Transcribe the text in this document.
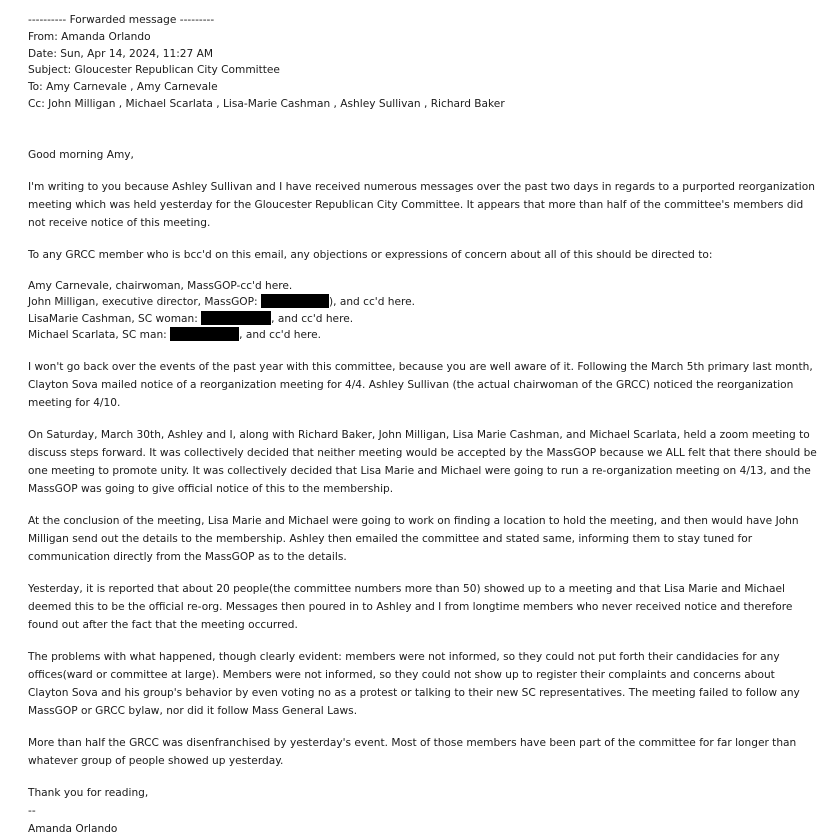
---------- Forwarded message ---------
From: Amanda Orlando
Date: Sun, Apr 14, 2024, 11:27 AM
Subject: Gloucester Republican City Committee
To: Amy Carnevale , Amy Carnevale
Cc: John Milligan , Michael Scarlata , Lisa-Marie Cashman , Ashley Sullivan , Richard Baker
Good morning Amy,

I'm writing to you because Ashley Sullivan and I have received numerous messages over the past two days in regards to a purported reorganization meeting which was held yesterday for the Gloucester Republican City Committee. It appears that more than half of the committee's members did not receive notice of this meeting.

To any GRCC member who is bcc'd on this email, any objections or expressions of concern about all of this should be directed to:

Amy Carnevale, chairwoman, MassGOP-cc'd here.
John Milligan, executive director, MassGOP:	), and cc'd here.
LisaMarie Cashman, SC woman:	, and cc'd here.
Michael Scarlata, SC man:	, and cc'd here.

I won't go back over the events of the past year with this committee, because you are well aware of it. Following the March 5th primary last month, Clayton Sova mailed notice of a reorganization meeting for 4/4. Ashley Sullivan (the actual chairwoman of the GRCC) noticed the reorganization meeting for 4/10.

On Saturday, March 30th, Ashley and I, along with Richard Baker, John Milligan, Lisa Marie Cashman, and Michael Scarlata, held a zoom meeting to discuss steps forward. It was collectively decided that neither meeting would be accepted by the MassGOP because we ALL felt that there should be one meeting to promote unity. It was collectively decided that Lisa Marie and Michael were going to run a re-organization meeting on 4/13, and the MassGOP was going to give official notice of this to the membership.

At the conclusion of the meeting, Lisa Marie and Michael were going to work on finding a location to hold the meeting, and then would have John Milligan send out the details to the membership. Ashley then emailed the committee and stated same, informing them to stay tuned for communication directly from the MassGOP as to the details.

Yesterday, it is reported that about 20 people(the committee numbers more than 50) showed up to a meeting and that Lisa Marie and Michael deemed this to be the official re-org. Messages then poured in to Ashley and I from longtime members who never received notice and therefore found out after the fact that the meeting occurred.

The problems with what happened, though clearly evident: members were not informed, so they could not put forth their candidacies for any offices(ward or committee at large). Members were not informed, so they could not show up to register their complaints and concerns about Clayton Sova and his group's behavior by even voting no as a protest or talking to their new SC representatives. The meeting failed to follow any MassGOP or GRCC bylaw, nor did it follow Mass General Laws.

More than half the GRCC was disenfranchised by yesterday's event. Most of those members have been part of the committee for far longer than whatever group of people showed up yesterday.

Thank you for reading,
--
Amanda Orlando
